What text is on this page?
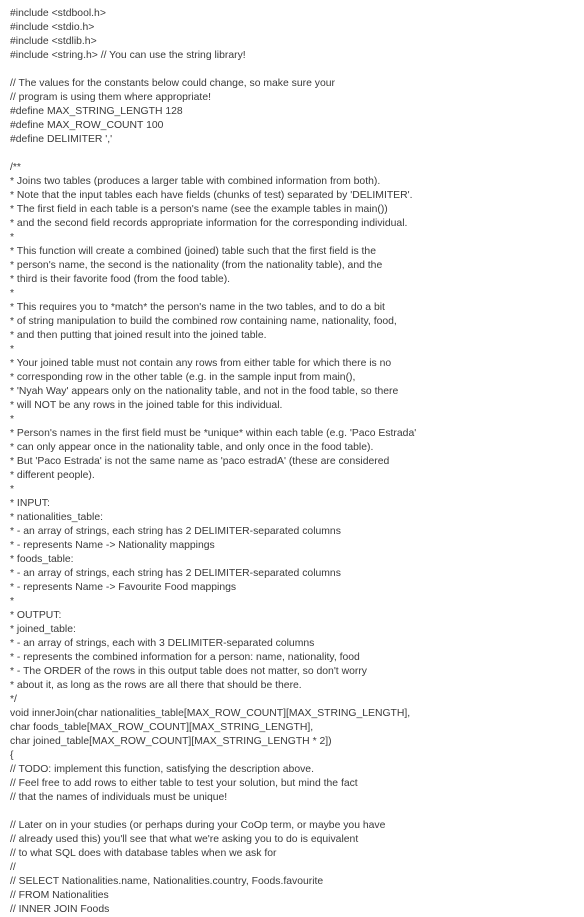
#include <stdbool.h>
#include <stdio.h>
#include <stdlib.h>
#include <string.h> // You can use the string library!
// The values for the constants below could change, so make sure your
// program is using them where appropriate!
#define MAX_STRING_LENGTH 128
#define MAX_ROW_COUNT 100
#define DELIMITER ','
/**
* Joins two tables (produces a larger table with combined information from both).
* Note that the input tables each have fields (chunks of test) separated by 'DELIMITER'.
* The first field in each table is a person's name (see the example tables in main())
* and the second field records appropriate information for the corresponding individual.
*
* This function will create a combined (joined) table such that the first field is the
* person's name, the second is the nationality (from the nationality table), and the
* third is their favorite food (from the food table).
*
* This requires you to *match* the person's name in the two tables, and to do a bit
* of string manipulation to build the combined row containing name, nationality, food,
* and then putting that joined result into the joined table.
*
* Your joined table must not contain any rows from either table for which there is no
* corresponding row in the other table (e.g. in the sample input from main(),
* 'Nyah Way' appears only on the nationality table, and not in the food table, so there
* will NOT be any rows in the joined table for this individual.
*
* Person's names in the first field must be *unique* within each table (e.g. 'Paco Estrada'
* can only appear once in the nationality table, and only once in the food table).
* But 'Paco Estrada' is not the same name as 'paco estradA' (these are considered
* different people).
*
* INPUT:
* nationalities_table:
* - an array of strings, each string has 2 DELIMITER-separated columns
* - represents Name -> Nationality mappings
* foods_table:
* - an array of strings, each string has 2 DELIMITER-separated columns
* - represents Name -> Favourite Food mappings
*
* OUTPUT:
* joined_table:
* - an array of strings, each with 3 DELIMITER-separated columns
* - represents the combined information for a person: name, nationality, food
* - The ORDER of the rows in this output table does not matter, so don't worry
* about it, as long as the rows are all there that should be there.
*/
void innerJoin(char nationalities_table[MAX_ROW_COUNT][MAX_STRING_LENGTH],
char foods_table[MAX_ROW_COUNT][MAX_STRING_LENGTH],
char joined_table[MAX_ROW_COUNT][MAX_STRING_LENGTH * 2])
{
// TODO: implement this function, satisfying the description above.
// Feel free to add rows to either table to test your solution, but mind the fact
// that the names of individuals must be unique!
// Later on in your studies (or perhaps during your CoOp term, or maybe you have
// already used this) you'll see that what we're asking you to do is equivalent
// to what SQL does with database tables when we ask for
//
// SELECT Nationalities.name, Nationalities.country, Foods.favourite
// FROM Nationalities
// INNER JOIN Foods
